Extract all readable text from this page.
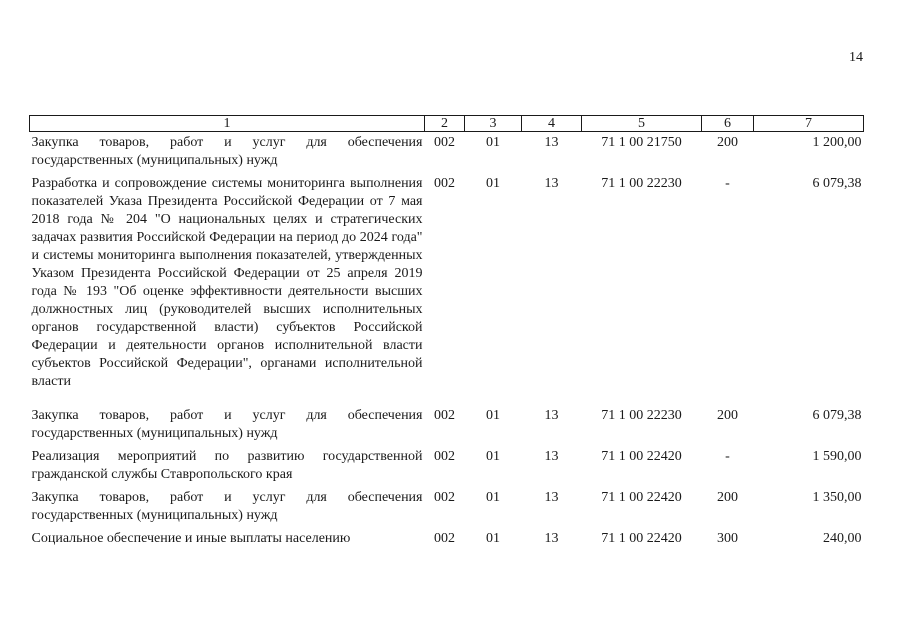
14
1	2	3	4	5	6	7
Закупка товаров, работ и услуг для обеспечения государственных (муниципальных) нужд	002	01	13	71 1 00 21750	200	1 200,00
Разработка и сопровождение системы мониторинга выполнения показателей Указа Президента Российской Федерации от 7 мая 2018 года № 204 "О национальных целях и стратегических задачах развития Российской Федерации на период до 2024 года" и системы мониторинга выполнения показателей, утвержденных Указом Президента Российской Федерации от 25 апреля 2019 года № 193 "Об оценке эффективности деятельности высших должностных лиц (руководителей высших исполнительных органов государственной власти) субъектов Российской Федерации и деятельности органов исполнительной власти субъектов Российской Федерации", органами исполнительной власти	002	01	13	71 1 00 22230	-	6 079,38
Закупка товаров, работ и услуг для обеспечения государственных (муниципальных) нужд	002	01	13	71 1 00 22230	200	6 079,38
Реализация мероприятий по развитию государственной гражданской службы Ставропольского края	002	01	13	71 1 00 22420	-	1 590,00
Закупка товаров, работ и услуг для обеспечения государственных (муниципальных) нужд	002	01	13	71 1 00 22420	200	1 350,00
Социальное обеспечение и иные выплаты населению	002	01	13	71 1 00 22420	300	240,00
